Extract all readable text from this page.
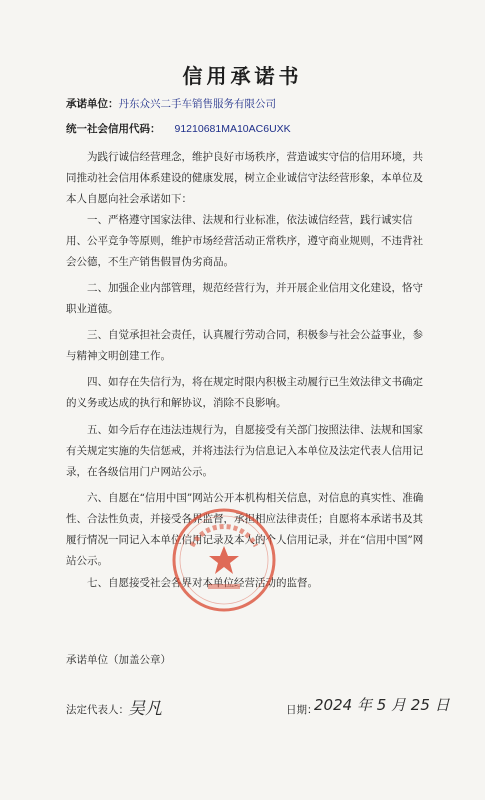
信用承诺书
承诺单位：丹东众兴二手车销售服务有限公司
统一社会信用代码： 91210681MA10AC6UXK

为践行诚信经营理念，维护良好市场秩序，营造诚实守信的信用环境，共同推动社会信用体系建设的健康发展，树立企业诚信守法经营形象，本单位及本人自愿向社会承诺如下：

一、严格遵守国家法律、法规和行业标准，依法诚信经营，践行诚实信用、公平竞争等原则，维护市场经营活动正常秩序，遵守商业规则，不违背社会公德，不生产销售假冒伪劣商品。

二、加强企业内部管理，规范经营行为，并开展企业信用文化建设，恪守职业道德。

三、自觉承担社会责任，认真履行劳动合同，积极参与社会公益事业，参与精神文明创建工作。

四、如存在失信行为，将在规定时限内积极主动履行已生效法律文书确定的义务或达成的执行和解协议，消除不良影响。

五、如今后存在违法违规行为，自愿接受有关部门按照法律、法规和国家有关规定实施的失信惩戒，并将违法行为信息记入本单位及法定代表人信用记录，在各级信用门户网站公示。

六、自愿在“信用中国”网站公开本机构相关信息，对信息的真实性、准确性、合法性负责，并接受各界监督，承担相应法律责任；自愿将本承诺书及其履行情况一同记入本单位信用记录及本人的个人信用记录，并在“信用中国”网站公示。

七、自愿接受社会各界对本单位经营活动的监督。

承诺单位（加盖公章）
法定代表人： 吴凡	日期：
2024 年 5 月 25 日
